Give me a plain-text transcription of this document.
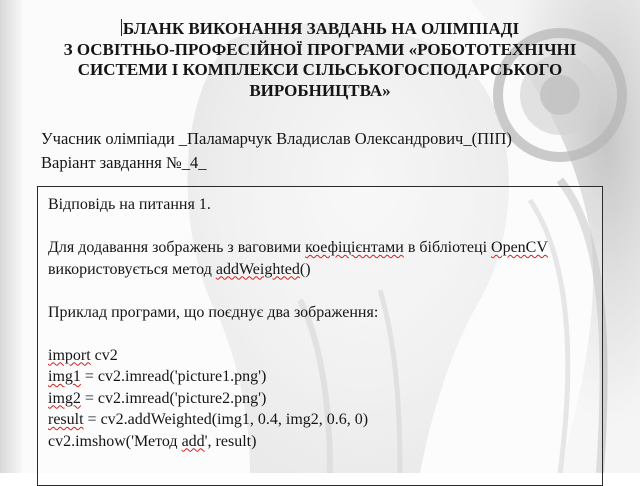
БЛАНК ВИКОНАННЯ ЗАВДАНЬ НА ОЛІМПІАДІ
З ОСВІТНЬО-ПРОФЕСІЙНОЇ ПРОГРАМИ «РОБОТОТЕХНІЧНІ
СИСТЕМИ І КОМПЛЕКСИ СІЛЬСЬКОГОСПОДАРСЬКОГО
ВИРОБНИЦТВА»
Учасник олімпіади _Паламарчук Владислав Олександрович_(ПІП)
Варіант завдання №_4_
Відповідь на питання 1.
Для додавання зображень з ваговими коефіцієнтами в бібліотеці OpenCV
використовується метод addWeighted()
Приклад програми, що поєднує два зображення:
import cv2
img1 = cv2.imread('picture1.png')
img2 = cv2.imread('picture2.png')
result = cv2.addWeighted(img1, 0.4, img2, 0.6, 0)
cv2.imshow('Метод add', result)
